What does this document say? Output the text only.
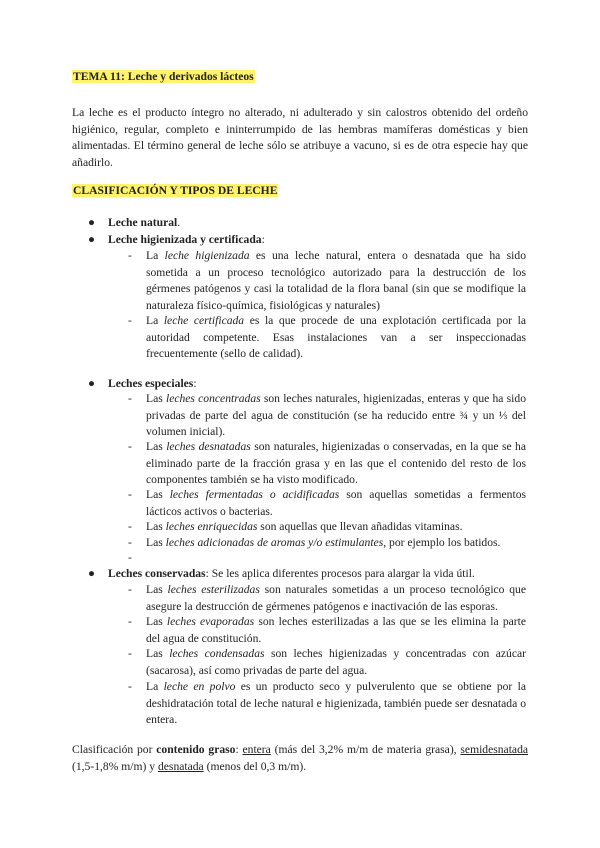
TEMA 11: Leche y derivados lácteos
La leche es el producto íntegro no alterado, ni adulterado y sin calostros obtenido del ordeño higiénico, regular, completo e ininterrumpido de las hembras mamíferas domésticas y bien alimentadas. El término general de leche sólo se atribuye a vacuno, si es de otra especie hay que añadirlo.
CLASIFICACIÓN Y TIPOS DE LECHE
● Leche natural.
● Leche higienizada y certificada:
- La leche higienizada es una leche natural, entera o desnatada que ha sido sometida a un proceso tecnológico autorizado para la destrucción de los gérmenes patógenos y casi la totalidad de la flora banal (sin que se modifique la naturaleza físico-química, fisiológicas y naturales)
- La leche certificada es la que procede de una explotación certificada por la autoridad competente. Esas instalaciones van a ser inspeccionadas frecuentemente (sello de calidad).
● Leches especiales:
- Las leches concentradas son leches naturales, higienizadas, enteras y que ha sido privadas de parte del agua de constitución (se ha reducido entre ¾ y un ⅓ del volumen inicial).
- Las leches desnatadas son naturales, higienizadas o conservadas, en la que se ha eliminado parte de la fracción grasa y en las que el contenido del resto de los componentes también se ha visto modificado.
- Las leches fermentadas o acidificadas son aquellas sometidas a fermentos lácticos activos o bacterias.
- Las leches enriquecidas son aquellas que llevan añadidas vitaminas.
- Las leches adicionadas de aromas y/o estimulantes, por ejemplo los batidos.
-
● Leches conservadas: Se les aplica diferentes procesos para alargar la vida útil.
- Las leches esterilizadas son naturales sometidas a un proceso tecnológico que asegure la destrucción de gérmenes patógenos e inactivación de las esporas.
- Las leches evaporadas son leches esterilizadas a las que se les elimina la parte del agua de constitución.
- Las leches condensadas son leches higienizadas y concentradas con azúcar (sacarosa), así como privadas de parte del agua.
- La leche en polvo es un producto seco y pulverulento que se obtiene por la deshidratación total de leche natural e higienizada, también puede ser desnatada o entera.
Clasificación por contenido graso: entera (más del 3,2% m/m de materia grasa), semidesnatada (1,5-1,8% m/m) y desnatada (menos del 0,3 m/m).
